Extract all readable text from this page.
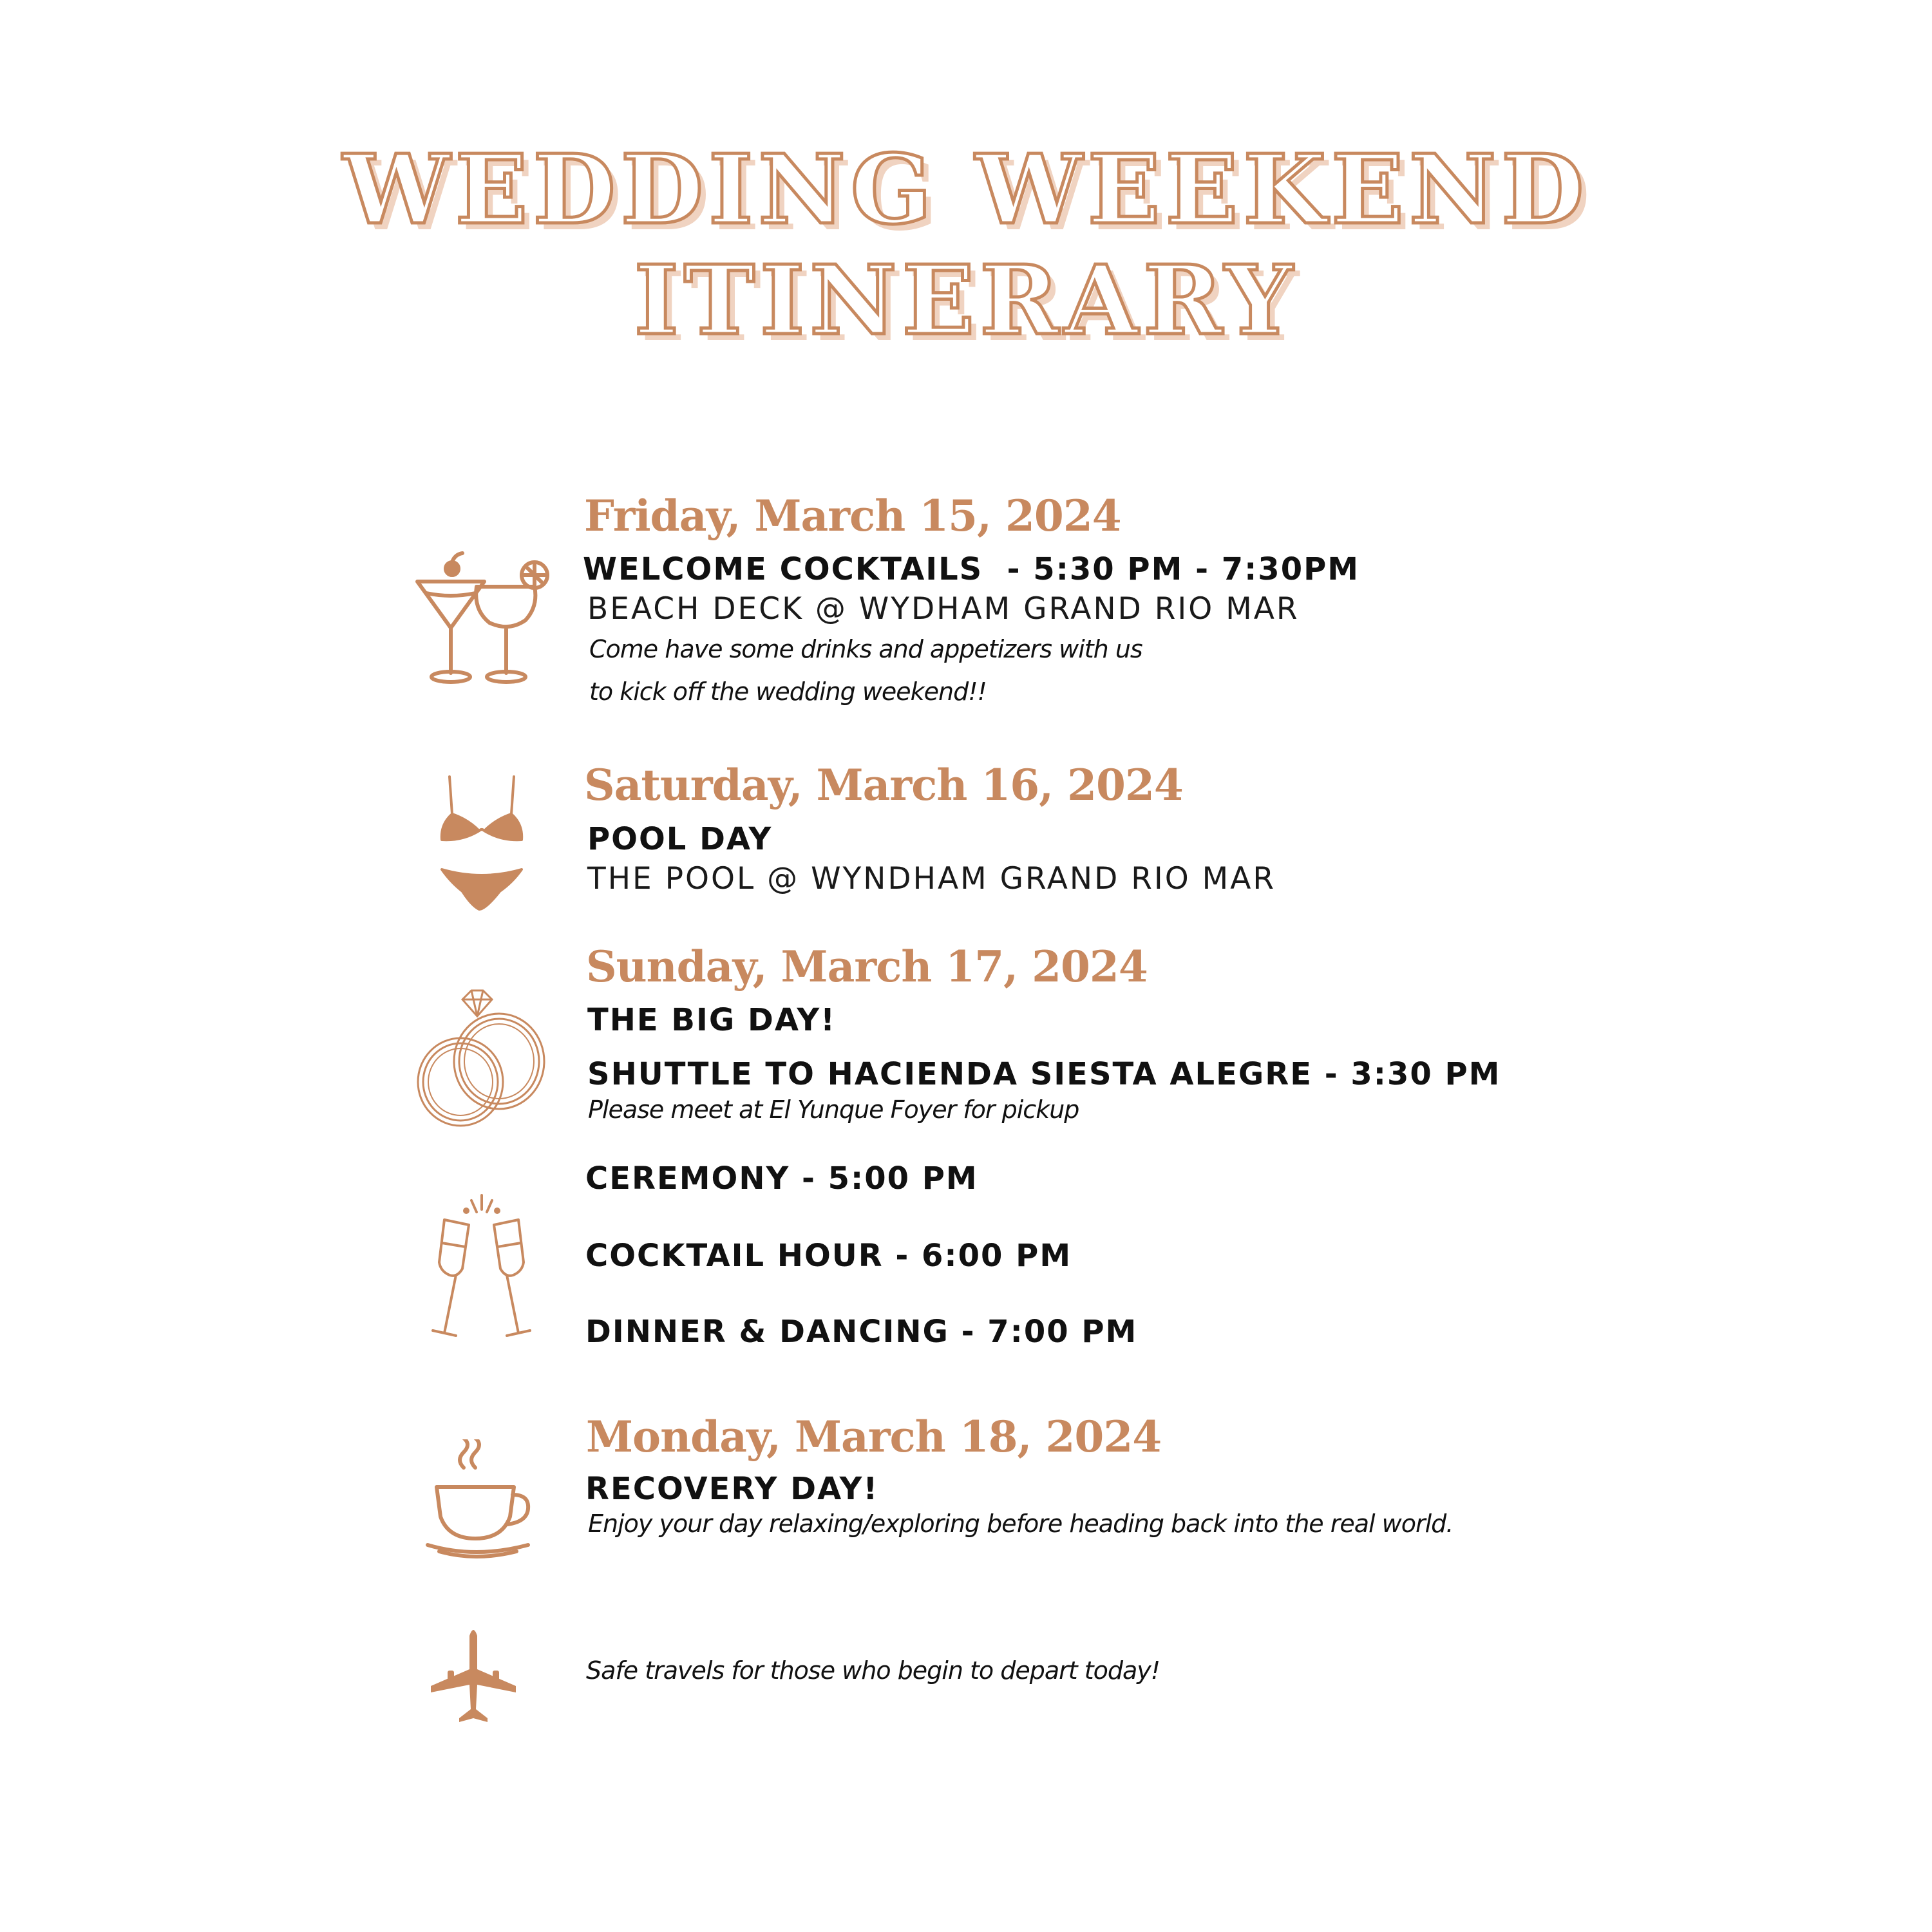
WEDDING WEEKEND
ITINERARY
Friday, March 15, 2024
WELCOME COCKTAILS  - 5:30 PM - 7:30PM
BEACH DECK @ WYDHAM GRAND RIO MAR
Come have some drinks and appetizers with us
to kick off the wedding weekend!!
Saturday, March 16, 2024
POOL DAY
THE POOL @ WYNDHAM GRAND RIO MAR
Sunday, March 17, 2024
THE BIG DAY!
SHUTTLE TO HACIENDA SIESTA ALEGRE - 3:30 PM
Please meet at El Yunque Foyer for pickup
CEREMONY - 5:00 PM
COCKTAIL HOUR - 6:00 PM
DINNER & DANCING - 7:00 PM
Monday, March 18, 2024
RECOVERY DAY!
Enjoy your day relaxing/exploring before heading back into the real world.
Safe travels for those who begin to depart today!
